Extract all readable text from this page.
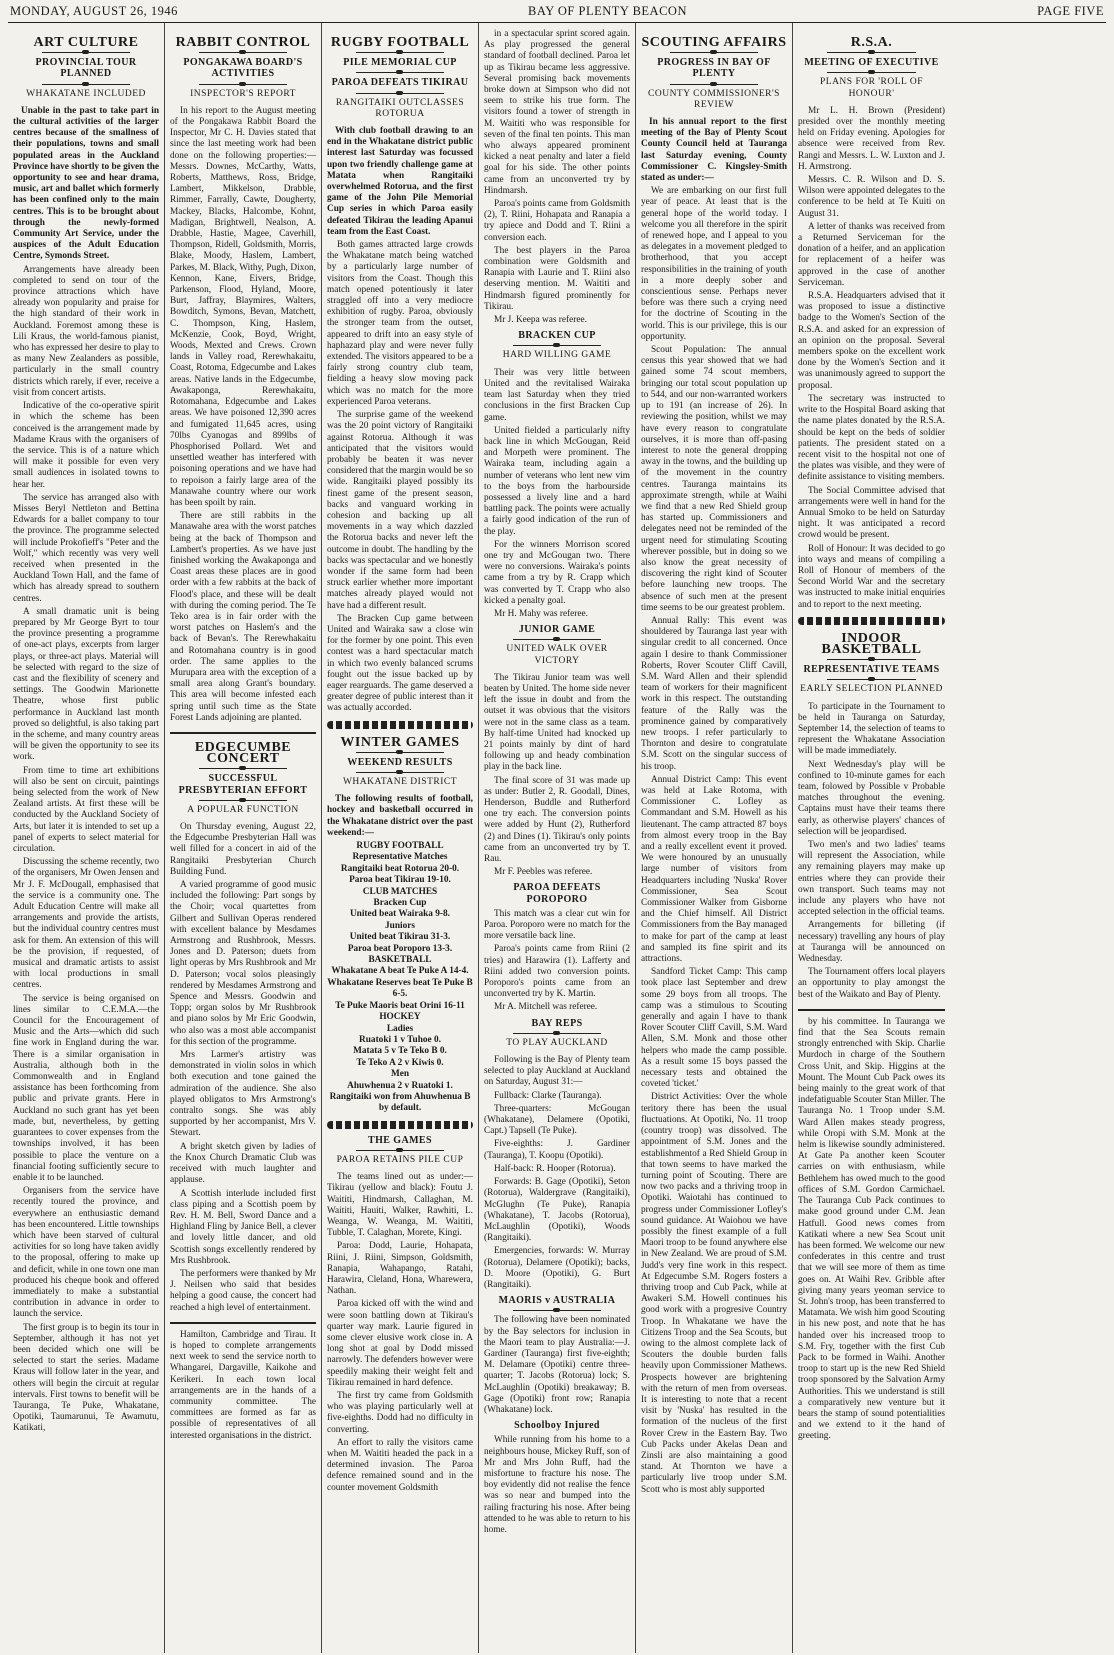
MONDAY, AUGUST 26, 1946	BAY OF PLENTY BEACON	PAGE FIVE
ART CULTURE
PROVINCIAL TOUR PLANNED
WHAKATANE INCLUDED

Unable in the past to take part in the cultural activities of the larger centres because of the smallness of their populations, towns and small populated areas in the Auckland Province have shortly to be given the opportunity to see and hear drama, music, art and ballet which formerly has been confined only to the main centres. This is to be brought about through the newly-formed Community Art Service, under the auspices of the Adult Education Centre, Symonds Street.

Arrangements have already been completed to send on tour of the province attractions which have already won popularity and praise for the high standard of their work in Auckland. Foremost among these is Lili Kraus, the world-famous pianist, who has expressed her desire to play to as many New Zealanders as possible, particularly in the small country districts which rarely, if ever, receive a visit from concert artists.

Indicative of the co-operative spirit in which the scheme has been conceived is the arrangement made by Madame Kraus with the organisers of the service. This is of a nature which will make it possible for even very small audiences in isolated towns to hear her.

The service has arranged also with Misses Beryl Nettleton and Bettina Edwards for a ballet company to tour the province. The programme selected will include Prokofieff's "Peter and the Wolf," which recently was very well received when presented in the Auckland Town Hall, and the fame of which has already spread to southern centres.

A small dramatic unit is being prepared by Mr George Byrt to tour the province presenting a programme of one-act plays, excerpts from larger plays, or three-act plays. Material will be selected with regard to the size of cast and the flexibility of scenery and settings. The Goodwin Marionette Theatre, whose first public performance in Auckland last month proved so delightful, is also taking part in the scheme, and many country areas will be given the opportunity to see its work.

From time to time art exhibitions will also be sent on circuit, paintings being selected from the work of New Zealand artists. At first these will be conducted by the Auckland Society of Arts, but later it is intended to set up a panel of experts to select material for circulation.

Discussing the scheme recently, two of the organisers, Mr Owen Jensen and Mr J. F. McDougall, emphasised that the service is a community one. The Adult Education Centre will make all arrangements and provide the artists, but the individual country centres must ask for them. An extension of this will be the provision, if requested, of musical and dramatic artists to assist with local productions in small centres.

The service is being organised on lines similar to C.E.M.A.—the Council for the Encouragement of Music and the Arts—which did such fine work in England during the war. There is a similar organisation in Australia, although both in the Commonwealth and in England assistance has been forthcoming from public and private grants. Here in Auckland no such grant has yet been made, but, nevertheless, by getting guarantees to cover expenses from the townships involved, it has been possible to place the venture on a financial footing sufficiently secure to enable it to be launched.

Organisers from the service have recently toured the province, and everywhere an enthusiastic demand has been encountered. Little townships which have been starved of cultural activities for so long have taken avidly to the proposal, offering to make up and deficit, while in one town one man produced his cheque book and offered immediately to make a substantial contribution in advance in order to launch the service.

The first group is to begin its tour in September, although it has not yet been decided which one will be selected to start the series. Madame Kraus will follow later in the year, and others will begin the circuit at regular intervals. First towns to benefit will be Tauranga, Te Puke, Whakatane, Opotiki, Taumarunui, Te Awamutu, Katikati,

RABBIT CONTROL
PONGAKAWA BOARD'S ACTIVITIES
INSPECTOR'S REPORT

In his report to the August meeting of the Pongakawa Rabbit Board the Inspector, Mr C. H. Davies stated that since the last meeting work had been done on the following properties:—Messrs. Downes, McCarthy, Watts, Roberts, Matthews, Ross, Bridge, Lambert, Mikkelson, Drabble, Rimmer, Farrally, Cawte, Dougherty, Mackey, Blacks, Halcombe, Kohnt, Madigan, Brightwell, Nealson, A. Drabble, Hastie, Magee, Caverhill, Thompson, Ridell, Goldsmith, Morris, Blake, Moody, Haslem, Lambert, Parkes, M. Black, Withy, Pugh, Dixon, Kennon, Kane, Eivers, Bridge, Parkenson, Flood, Hyland, Moore, Burt, Jaffray, Blaymires, Walters, Bowditch, Symons, Bevan, Matchett, C. Thompson, King, Haslem, McKenzie, Cook, Boyd, Wright, Woods, Mexted and Crews. Crown lands in Valley road, Rerewhakaitu, Coast, Rotoma, Edgecumbe and Lakes areas. Native lands in the Edgecumbe, Awakaponga, Rerewhakaitu, Rotomahana, Edgecumbe and Lakes areas. We have poisoned 12,390 acres and fumigated 11,645 acres, using 70lbs Cyanogas and 899lbs of Phosphorised Pollard. Wet and unsettled weather has interfered with poisoning operations and we have had to repoison a fairly large area of the Manawahe country where our work has been spoilt by rain.

There are still rabbits in the Manawahe area with the worst patches being at the back of Thompson and Lambert's properties. As we have just finished working the Awakaponga and Coast areas these places are in good order with a few rabbits at the back of Flood's place, and these will be dealt with during the coming period. The Te Teko area is in fair order with the worst patches on Haslem's and the back of Bevan's. The Rerewhakaitu and Rotomahana country is in good order. The same applies to the Murupara area with the exception of a small area along Grant's boundary. This area will become infested each spring until such time as the State Forest Lands adjoining are planted.

EDGECUMBE CONCERT
SUCCESSFUL PRESBYTERIAN EFFORT
A POPULAR FUNCTION

On Thursday evening, August 22, the Edgecumbe Presbyterian Hall was well filled for a concert in aid of the Rangitaiki Presbyterian Church Building Fund.

A varied programme of good music included the following: Part songs by the Choir; vocal quartettes from Gilbert and Sullivan Operas rendered with excellent balance by Mesdames Armstrong and Rushbrook, Messrs. Jones and D. Paterson; duets from light operas by Mrs Rushbrook and Mr D. Paterson; vocal solos pleasingly rendered by Mesdames Armstrong and Spence and Messrs. Goodwin and Topp; organ solos by Mr Rushbrook and piano solos by Mr Eric Goodwin, who also was a most able accompanist for this section of the programme.

Mrs Larmer's artistry was demonstrated in violin solos in which both execution and tone gained the admiration of the audience. She also played obligatos to Mrs Armstrong's contralto songs. She was ably supported by her accompanist, Mrs V. Stewart.

A bright sketch given by ladies of the Knox Church Dramatic Club was received with much laughter and applause.

A Scottish interlude included first class piping and a Scottish poem by Rev. H. M. Bell, Sword Dance and a Highland Fling by Janice Bell, a clever and lovely little dancer, and old Scottish songs excellently rendered by Mrs Rushbrook.

The performers were thanked by Mr J. Neilsen who said that besides helping a good cause, the concert had reached a high level of entertainment.

Hamilton, Cambridge and Tirau. It is hoped to complete arrangements next week to send the service north to Whangarei, Dargaville, Kaikohe and Kerikeri. In each town local arrangements are in the hands of a community committee. The committees are formed as far as possible of representatives of all interested organisations in the district.

RUGBY FOOTBALL
PILE MEMORIAL CUP
PAROA DEFEATS TIKIRAU
RANGITAIKI OUTCLASSES ROTORUA

With club football drawing to an end in the Whakatane district public interest last Saturday was focussed upon two friendly challenge game at Matata when Rangitaiki overwhelmed Rotorua, and the first game of the John Pile Memorial Cup series in which Paroa easily defeated Tikirau the leading Apanui team from the East Coast.

Both games attracted large crowds the Whakatane match being watched by a particularly large number of visitors from the Coast. Though this match opened potentiously it later straggled off into a very mediocre exhibition of rugby. Paroa, obviously the stronger team from the outset, appeared to drift into an easy style of haphazard play and were never fully extended. The visitors appeared to be a fairly strong country club team, fielding a heavy slow moving pack which was no match for the more experienced Paroa veterans.

The surprise game of the weekend was the 20 point victory of Rangitaiki against Rotorua. Although it was anticipated that the visitors would probably be beaten it was never considered that the margin would be so wide. Rangitaiki played possibly its finest game of the present season, backs and vanguard working in cohesion and backing up all movements in a way which dazzled the Rotorua backs and never left the outcome in doubt. The handling by the backs was spectacular and we honestly wonder if the same form had been struck earlier whether more important matches already played would not have had a different result.

The Bracken Cup game between United and Wairaka saw a close win for the former by one point. This even contest was a hard spectacular match in which two evenly balanced scrums fought out the issue backed up by eager rearguards. The game deserved a greater degree of public interest than it was actually accorded.

WINTER GAMES
WEEKEND RESULTS
WHAKATANE DISTRICT

The following results of football, hockey and basketball occurred in the Whakatane district over the past weekend:—

RUGBY FOOTBALL
Representative Matches
Rangitaiki beat Rotorua 20-0.
Paroa beat Tikirau 19-10.
CLUB MATCHES
Bracken Cup
United beat Wairaka 9-8.
Juniors
United beat Tikirau 31-3.
Paroa beat Poroporo 13-3.
BASKETBALL
Whakatane A beat Te Puke A 14-4.
Whakatane Reserves beat Te Puke B 6-5.
Te Puke Maoris beat Orini 16-11
HOCKEY
Ladies
Ruatoki 1 v Tuhoe 0.
Matata 5 v Te Teko B 0.
Te Teko A 2 v Kiwis 0.
Men
Ahuwhenua 2 v Ruatoki 1.
Rangitaiki won from Ahuwhenua B by default.
THE GAMES
PAROA RETAINS PILE CUP

The teams lined out as under:—Tikirau (yellow and black): Foutu J. Waititi, Hindmarsh, Callaghan, M. Waititi, Hauiti, Walker, Rawhiti, L. Weanga, W. Weanga, M. Waititi, Tubble, T. Calaghan, Morete, Kingi.

Paroa: Dodd, Laurie, Hohapata, Riini, J. Riini, Simpson, Goldsmith, Ranapia, Wahapango, Ratahi, Harawira, Cleland, Hona, Wharewera, Nathan.

Paroa kicked off with the wind and were soon battling down at Tikirau's quarter way mark. Laurie figured in some clever elusive work close in. A long shot at goal by Dodd missed narrowly. The defenders however were speedily making their weight felt and Tikirau remained in hard defence.

The first try came from Goldsmith who was playing particularly well at five-eighths. Dodd had no difficulty in converting.

An effort to rally the visitors came when M. Waititi headed the pack in a determined invasion. The Paroa defence remained sound and in the counter movement Goldsmith

in a spectacular sprint scored again. As play progressed the general standard of football declined. Paroa let up as Tikirau became less aggressive. Several promising back movements broke down at Simpson who did not seem to strike his true form. The visitors found a tower of strength in M. Waititi who was responsible for seven of the final ten points. This man who always appeared prominent kicked a neat penalty and later a field goal for his side. The other points came from an unconverted try by Hindmarsh.

Paroa's points came from Goldsmith (2), T. Riini, Hohapata and Ranapia a try apiece and Dodd and T. Riini a conversion each.

The best players in the Paroa combination were Goldsmith and Ranapia with Laurie and T. Riini also deserving mention. M. Waititi and Hindmarsh figured prominently for Tikirau.

Mr J. Keepa was referee.

BRACKEN CUP
HARD WILLING GAME

Their was very little between United and the revitalised Wairaka team last Saturday when they tried conclusions in the first Bracken Cup game.

United fielded a particularly nifty back line in which McGougan, Reid and Morpeth were prominent. The Wairaka team, including again a number of veterans who lent new vim to the boys from the harbourside possessed a lively line and a hard battling pack. The points were actually a fairly good indication of the run of the play.

For the winners Morrison scored one try and McGougan two. There were no conversions. Wairaka's points came from a try by R. Crapp which was converted by T. Crapp who also kicked a penalty goal.

Mr H. Mahy was referee.

JUNIOR GAME
UNITED WALK OVER VICTORY

The Tikirau Junior team was well beaten by United. The home side never left the issue in doubt and from the outset it was obvious that the visitors were not in the same class as a team. By half-time United had knocked up 21 points mainly by dint of hard following up and heady combination play in the back line.

The final score of 31 was made up as under: Butler 2, R. Goodall, Dines, Henderson, Buddle and Rutherford one try each. The conversion points were added by Hunt (2), Rutherford (2) and Dines (1). Tikirau's only points came from an unconverted try by T. Rau.

Mr F. Peebles was referee.

PAROA DEFEATS POROPORO

This match was a clear cut win for Paroa. Poroporo were no match for the more versatile back line.

Paroa's points came from Riini (2 tries) and Harawira (1). Lafferty and Riini added two conversion points. Poroporo's points came from an unconverted try by K. Martin.

Mr A. Mitchell was referee.

BAY REPS
TO PLAY AUCKLAND

Following is the Bay of Plenty team selected to play Auckland at Auckland on Saturday, August 31:—

Fullback: Clarke (Tauranga).

Three-quarters: McGougan (Whakatane), Delamere (Opotiki, Capt.) Tapsell (Te Puke).

Five-eighths: J. Gardiner (Tauranga), T. Koopu (Opotiki).

Half-back: R. Hooper (Rotorua).

Forwards: B. Gage (Opotiki), Seton (Rotorua), Waldergrave (Rangitaiki), McGlughn (Te Puke), Ranapia (Whakatane), T. Jacobs (Rotorua), McLaughlin (Opotiki), Woods (Rangitaiki).

Emergencies, forwards: W. Murray (Rotorua), Delamere (Opotiki); backs, D. Moore (Opotiki), G. Burt (Rangitaiki).

MAORIS v AUSTRALIA

The following have been nominated by the Bay selectors for inclusion in the Maori team to play Australia:—J. Gardiner (Tauranga) first five-eighth; M. Delamare (Opotiki) centre three-quarter; T. Jacobs (Rotorua) lock; S. McLaughlin (Opotiki) breakaway; B. Gage (Opotiki) front row; Ranapia (Whakatane) lock.

Schoolboy Injured

While running from his home to a neighbours house, Mickey Ruff, son of Mr and Mrs John Ruff, had the misfortune to fracture his nose. The boy evidently did not realise the fence was so near and bumped into the railing fracturing his nose. After being attended to he was able to return to his home.

SCOUTING AFFAIRS
PROGRESS IN BAY OF PLENTY
COUNTY COMMISSIONER'S REVIEW

In his annual report to the first meeting of the Bay of Plenty Scout County Council held at Tauranga last Saturday evening, County Commissioner C. Kingsley-Smith stated as under:—

We are embarking on our first full year of peace. At least that is the general hope of the world today. I welcome you all therefore in the spirit of renewed hope, and I appeal to you as delegates in a movement pledged to brotherhood, that you accept responsibilities in the training of youth in a more deeply sober and conscientious sense. Perhaps never before was there such a crying need for the doctrine of Scouting in the world. This is our privilege, this is our opportunity.

Scout Population: The annual census this year showed that we had gained some 74 scout members, bringing our total scout population up to 544, and our non-warranted workers up to 191 (an increase of 26). In reviewing the position, whilst we may have every reason to congratulate ourselves, it is more than off-pasing interest to note the general dropping away in the towns, and the building up of the movement in the country centres. Tauranga maintains its approximate strength, while at Waihi we find that a new Red Shield group has started up. Commissioners and delegates need not be reminded of the urgent need for stimulating Scouting wherever possible, but in doing so we also know the great necessity of discovering the right kind of Scouter before launching new troops. The absence of such men at the present time seems to be our greatest problem.

Annual Rally: This event was shouldered by Tauranga last year with singular credit to all concerned. Once again I desire to thank Commissioner Roberts, Rover Scouter Cliff Cavill, S.M. Ward Allen and their splendid team of workers for their magnificent work in this respect. The outstanding feature of the Rally was the prominence gained by comparatively new troops. I refer particularly to Thornton and desire to congratulate S.M. Scott on the singular success of his troop.

Annual District Camp: This event was held at Lake Rotoma, with Commissioner C. Lofley as Commandant and S.M. Howell as his lieutenant. The camp attracted 87 boys from almost every troop in the Bay and a really excellent event it proved. We were honoured by an unusually large number of visitors from Headquarters including 'Nuska' Rover Commissioner, Sea Scout Commissioner Walker from Gisborne and the Chief himself. All District Commissioners from the Bay managed to make for part of the camp at least and sampled its fine spirit and its attractions.

Sandford Ticket Camp: This camp took place last September and drew some 29 boys from all troops. The camp was a stimulous to Scouting generally and again I have to thank Rover Scouter Cliff Cavill, S.M. Ward Allen, S.M. Monk and those other helpers who made the camp possible. As a result some 15 boys passed the necessary tests and obtained the coveted 'ticket.'

District Activities: Over the whole teritory there has been the usual fluctuations. At Opotiki, No. 11 troop (country troop) was dissolved. The appointment of S.M. Jones and the establishmentof a Red Shield Group in that town seems to have marked the turning point of Scouting. There are now two packs and a thriving troop in Opotiki. Waiotahi has continued to progress under Commissioner Lofley's sound guidance. At Waiohou we have possibly the finest example of a full Maori troop to be found anywhere else in New Zealand. We are proud of S.M. Judd's very fine work in this respect. At Edgecumbe S.M. Rogers fosters a thriving troop and Cub Pack, while at Awakeri S.M. Howell continues his good work with a progresive Country Troop. In Whakatane we have the Citizens Troop and the Sea Scouts, but owing to the almost complete lack of Scouters the double burden falls heavily upon Commissioner Mathews. Prospects however are brightening with the return of men from overseas. It is interesting to note that a recent visit by 'Nuska' has resulted in the formation of the nucleus of the first Rover Crew in the Eastern Bay. Two Cub Packs under Akelas Dean and Zinsli are also maintaining a good stand. At Thornton we have a particularly live troop under S.M. Scott who is most ably supported

R.S.A.
MEETING OF EXECUTIVE
PLANS FOR 'ROLL OF HONOUR'

Mr L. H. Brown (President) presided over the monthly meeting held on Friday evening. Apologies for absence were received from Rev. Rangi and Messrs. L. W. Luxton and J. H. Armstrong.

Messrs. C. R. Wilson and D. S. Wilson were appointed delegates to the conference to be held at Te Kuiti on August 31.

A letter of thanks was received from a Returned Serviceman for the donation of a heifer, and an application for replacement of a heifer was approved in the case of another Serviceman.

R.S.A. Headquarters advised that it was proposed to issue a distinctive badge to the Women's Section of the R.S.A. and asked for an expression of an opinion on the proposal. Several members spoke on the excellent work done by the Women's Section and it was unanimously agreed to support the proposal.

The secretary was instructed to write to the Hospital Board asking that the name plates donated by the R.S.A. should be kept on the beds of soldier patients. The president stated on a recent visit to the hospital not one of the plates was visible, and they were of definite assistance to visiting members.

The Social Committee advised that arrangements were well in hand for the Annual Smoko to be held on Saturday night. It was anticipated a record crowd would be present.

Roll of Honour: It was decided to go into ways and means of compiling a Roll of Honour of members of the Second World War and the secretary was instructed to make initial enquiries and to report to the next meeting.

INDOOR BASKETBALL
REPRESENTATIVE TEAMS
EARLY SELECTION PLANNED

To participate in the Tournament to be held in Tauranga on Saturday, September 14, the selection of teams to represent the Whakatane Association will be made immediately.

Next Wednesday's play will be confined to 10-minute games for each team, folowed by Possible v Probable matches throughout the evening. Captains must have their teams there early, as otherwise players' chances of selection will be jeopardised.

Two men's and two ladies' teams will represent the Association, while any remaining players may make up entries where they can provide their own transport. Such teams may not include any players who have not accepted selection in the official teams.

Arrangements for billeting (if necessary) travelling any hours of play at Tauranga will be announced on Wednesday.

The Tournament offers local players an opportunity to play amongst the best of the Waikato and Bay of Plenty.

by his committee. In Tauranga we find that the Sea Scouts remain strongly entrenched with Skip. Charlie Murdoch in charge of the Southern Cross Unit, and Skip. Higgins at the Mount. The Mount Cub Pack owes its being mainly to the great work of that indefatiguable Scouter Stan Miller. The Tauranga No. 1 Troop under S.M. Ward Allen makes steady progress, while Oropi with S.M. Monk at the helm is likewise soundly administered. At Gate Pa another keen Scouter carries on with enthusiasm, while Bethlehem has owed much to the good offices of S.M. Gordon Carmichael. The Tauranga Cub Pack continues to make good ground under C.M. Jean Hatfull. Good news comes from Katikati where a new Sea Scout unit has been formed. We welcome our new confederates in this centre and trust that we will see more of them as time goes on. At Waihi Rev. Gribble after giving many years yeoman service to St. John's troop, has been transferred to Matamata. We wish him good Scouting in his new post, and note that he has handed over his increased troop to S.M. Fry, together with the first Cub Pack to be formed in Waihi. Another troop to start up is the new Red Shield troop sponsored by the Salvation Army Authorities. This we understand is still a comparatively new venture but it bears the stamp of sound potentialities and we extend to it the hand of greeting.
